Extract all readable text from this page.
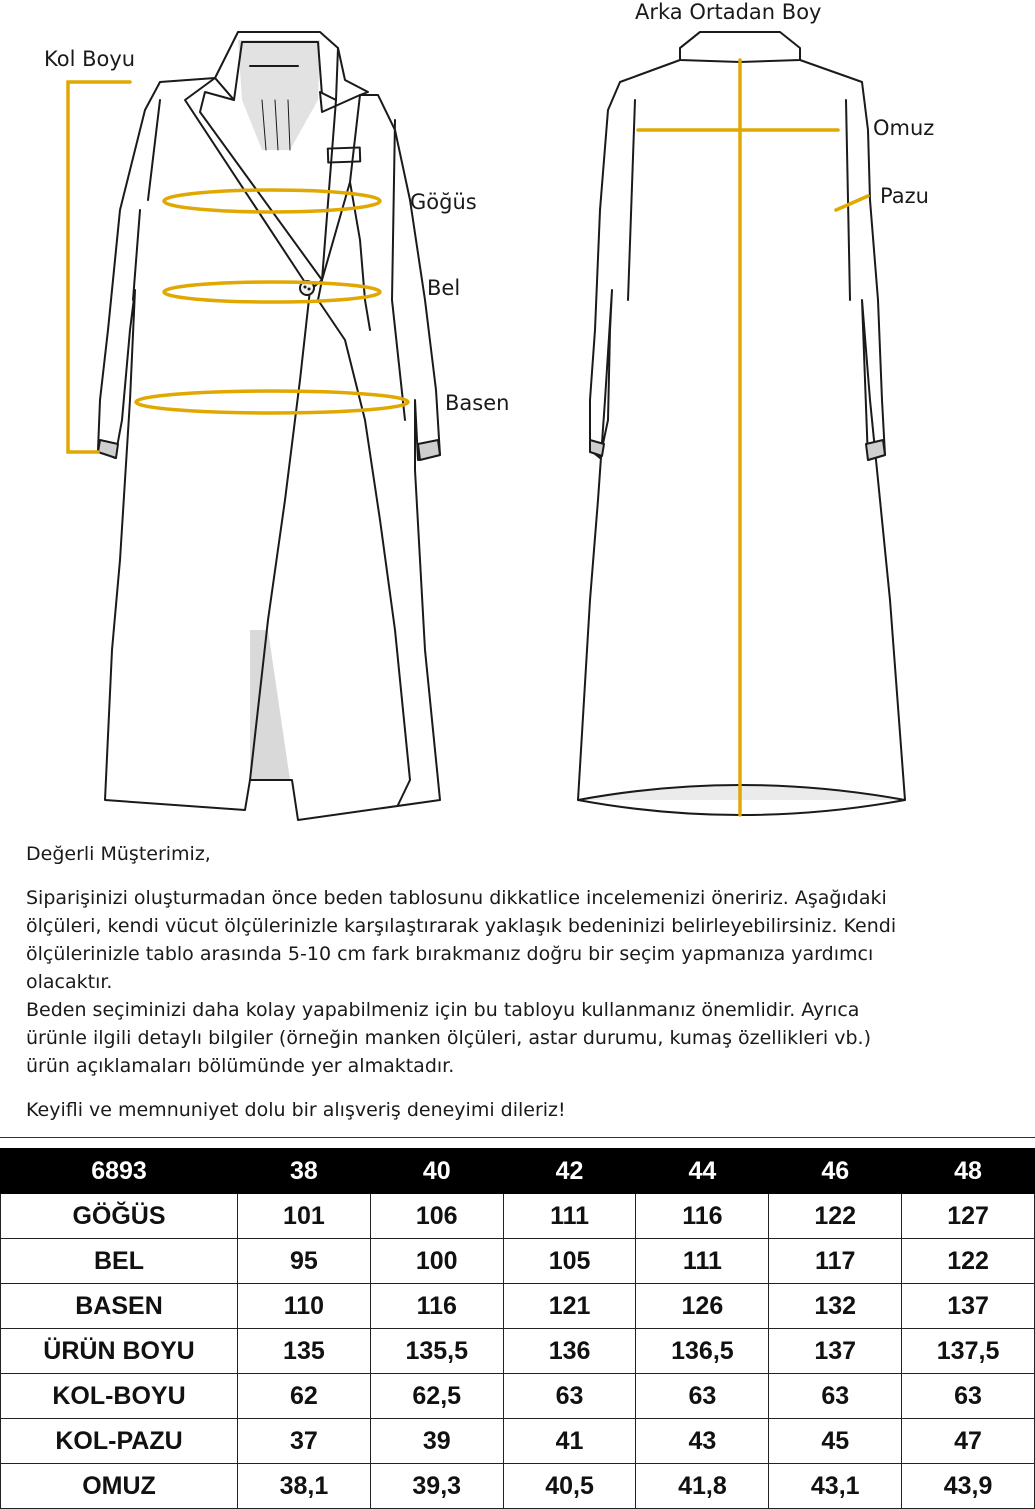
Kol Boyu
Göğüs
Bel
Basen
Arka Ortadan Boy
Omuz
Pazu

Değerli Müşterimiz,

Siparişinizi oluşturmadan önce beden tablosunu dikkatlice incelemenizi öneririz. Aşağıdaki

ölçüleri, kendi vücut ölçülerinizle karşılaştırarak yaklaşık bedeninizi belirleyebilirsiniz. Kendi

ölçülerinizle tablo arasında 5-10 cm fark bırakmanız doğru bir seçim yapmanıza yardımcı

olacaktır.

Beden seçiminizi daha kolay yapabilmeniz için bu tabloyu kullanmanız önemlidir. Ayrıca

ürünle ilgili detaylı bilgiler (örneğin manken ölçüleri, astar durumu, kumaş özellikleri vb.)

ürün açıklamaları bölümünde yer almaktadır.

Keyifli ve memnuniyet dolu bir alışveriş deneyimi dileriz!

6893	38	40	42	44	46	48
GÖĞÜS	101	106	111	116	122	127
BEL	95	100	105	111	117	122
BASEN	110	116	121	126	132	137
ÜRÜN BOYU	135	135,5	136	136,5	137	137,5
KOL-BOYU	62	62,5	63	63	63	63
KOL-PAZU	37	39	41	43	45	47
OMUZ	38,1	39,3	40,5	41,8	43,1	43,9
